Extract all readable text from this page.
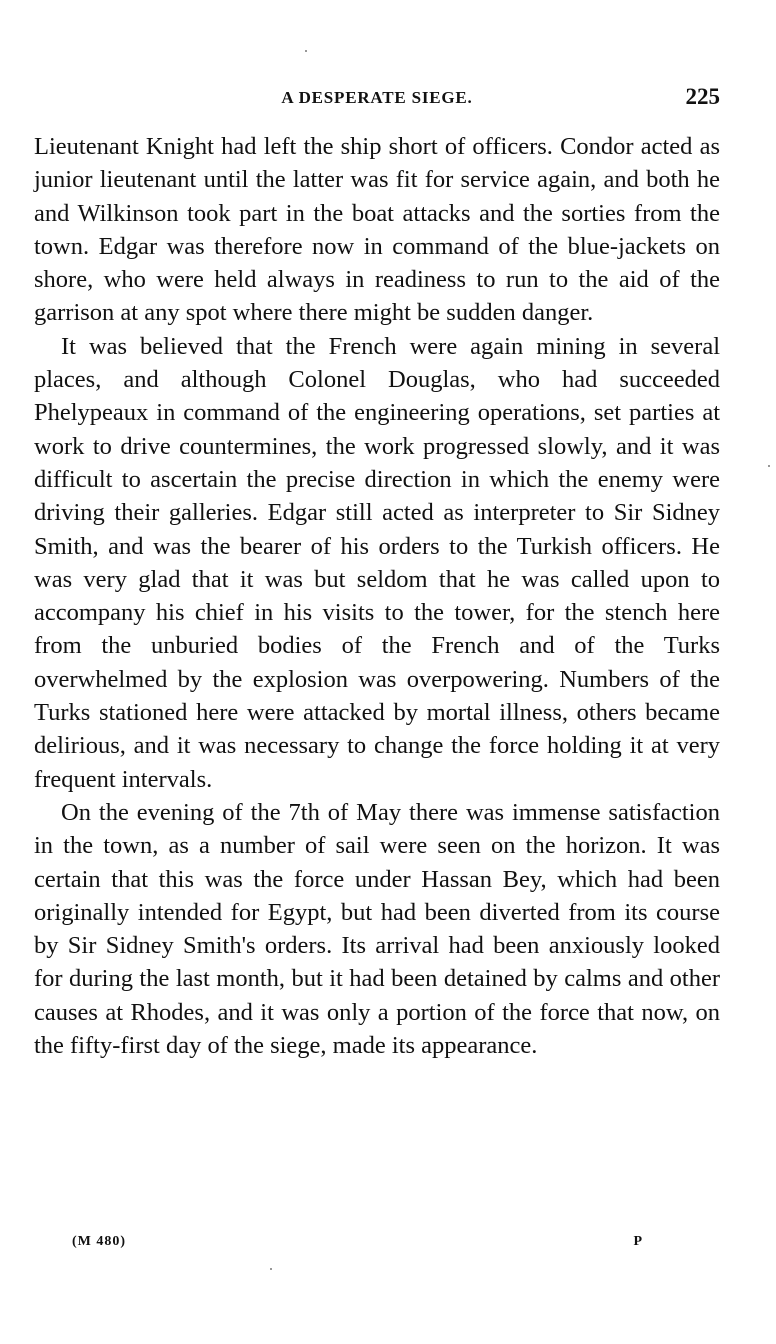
A DESPERATE SIEGE.	225

Lieutenant Knight had left the ship short of officers. Condor acted as junior lieutenant until the latter was fit for service again, and both he and Wilkinson took part in the boat attacks and the sorties from the town. Edgar was therefore now in command of the blue-jackets on shore, who were held always in readiness to run to the aid of the garrison at any spot where there might be sudden danger.

It was believed that the French were again mining in several places, and although Colonel Douglas, who had succeeded Phelypeaux in command of the engineering operations, set parties at work to drive countermines, the work progressed slowly, and it was difficult to ascertain the precise direction in which the enemy were driving their galleries. Edgar still acted as interpreter to Sir Sidney Smith, and was the bearer of his orders to the Turkish officers. He was very glad that it was but seldom that he was called upon to accompany his chief in his visits to the tower, for the stench here from the unburied bodies of the French and of the Turks overwhelmed by the explosion was overpowering. Numbers of the Turks stationed here were attacked by mortal illness, others became delirious, and it was necessary to change the force holding it at very frequent intervals.

On the evening of the 7th of May there was immense satisfaction in the town, as a number of sail were seen on the horizon. It was certain that this was the force under Hassan Bey, which had been originally intended for Egypt, but had been diverted from its course by Sir Sidney Smith's orders. Its arrival had been anxiously looked for during the last month, but it had been detained by calms and other causes at Rhodes, and it was only a portion of the force that now, on the fifty-first day of the siege, made its appearance.

(M 480)	P
